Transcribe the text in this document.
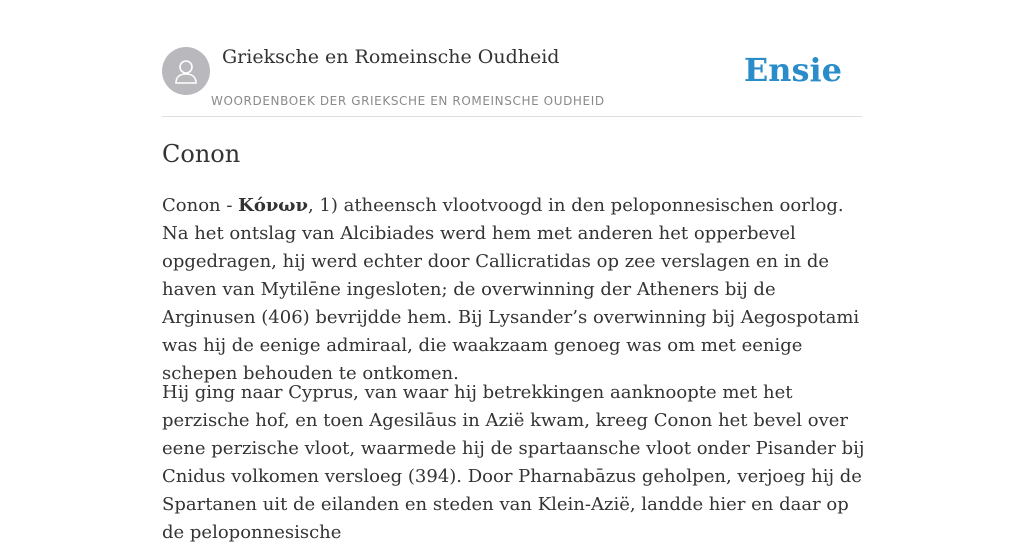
Grieksche en Romeinsche Oudheid
WOORDENBOEK DER GRIEKSCHE EN ROMEINSCHE OUDHEID
Ensie
Conon

Conon - Κόνων, 1) atheensch vlootvoogd in den peloponnesischen oorlog. Na het ontslag van Alcibiades werd hem met anderen het opperbevel opgedragen, hij werd echter door Callicratidas op zee verslagen en in de haven van Mytilēne ingesloten; de overwinning der Atheners bij de Arginusen (406) bevrijdde hem. Bij Lysander’s overwinning bij Aegospotami was hij de eenige admiraal, die waakzaam genoeg was om met eenige schepen behouden te ontkomen.

Hij ging naar Cyprus, van waar hij betrekkingen aanknoopte met het perzische hof, en toen Agesilāus in Azië kwam, kreeg Conon het bevel over eene perzische vloot, waarmede hij de spartaansche vloot onder Pisander bij Cnidus volkomen versloeg (394). Door Pharnabāzus geholpen, verjoeg hij de Spartanen uit de eilanden en steden van Klein-Azië, landde hier en daar op de peloponnesische
